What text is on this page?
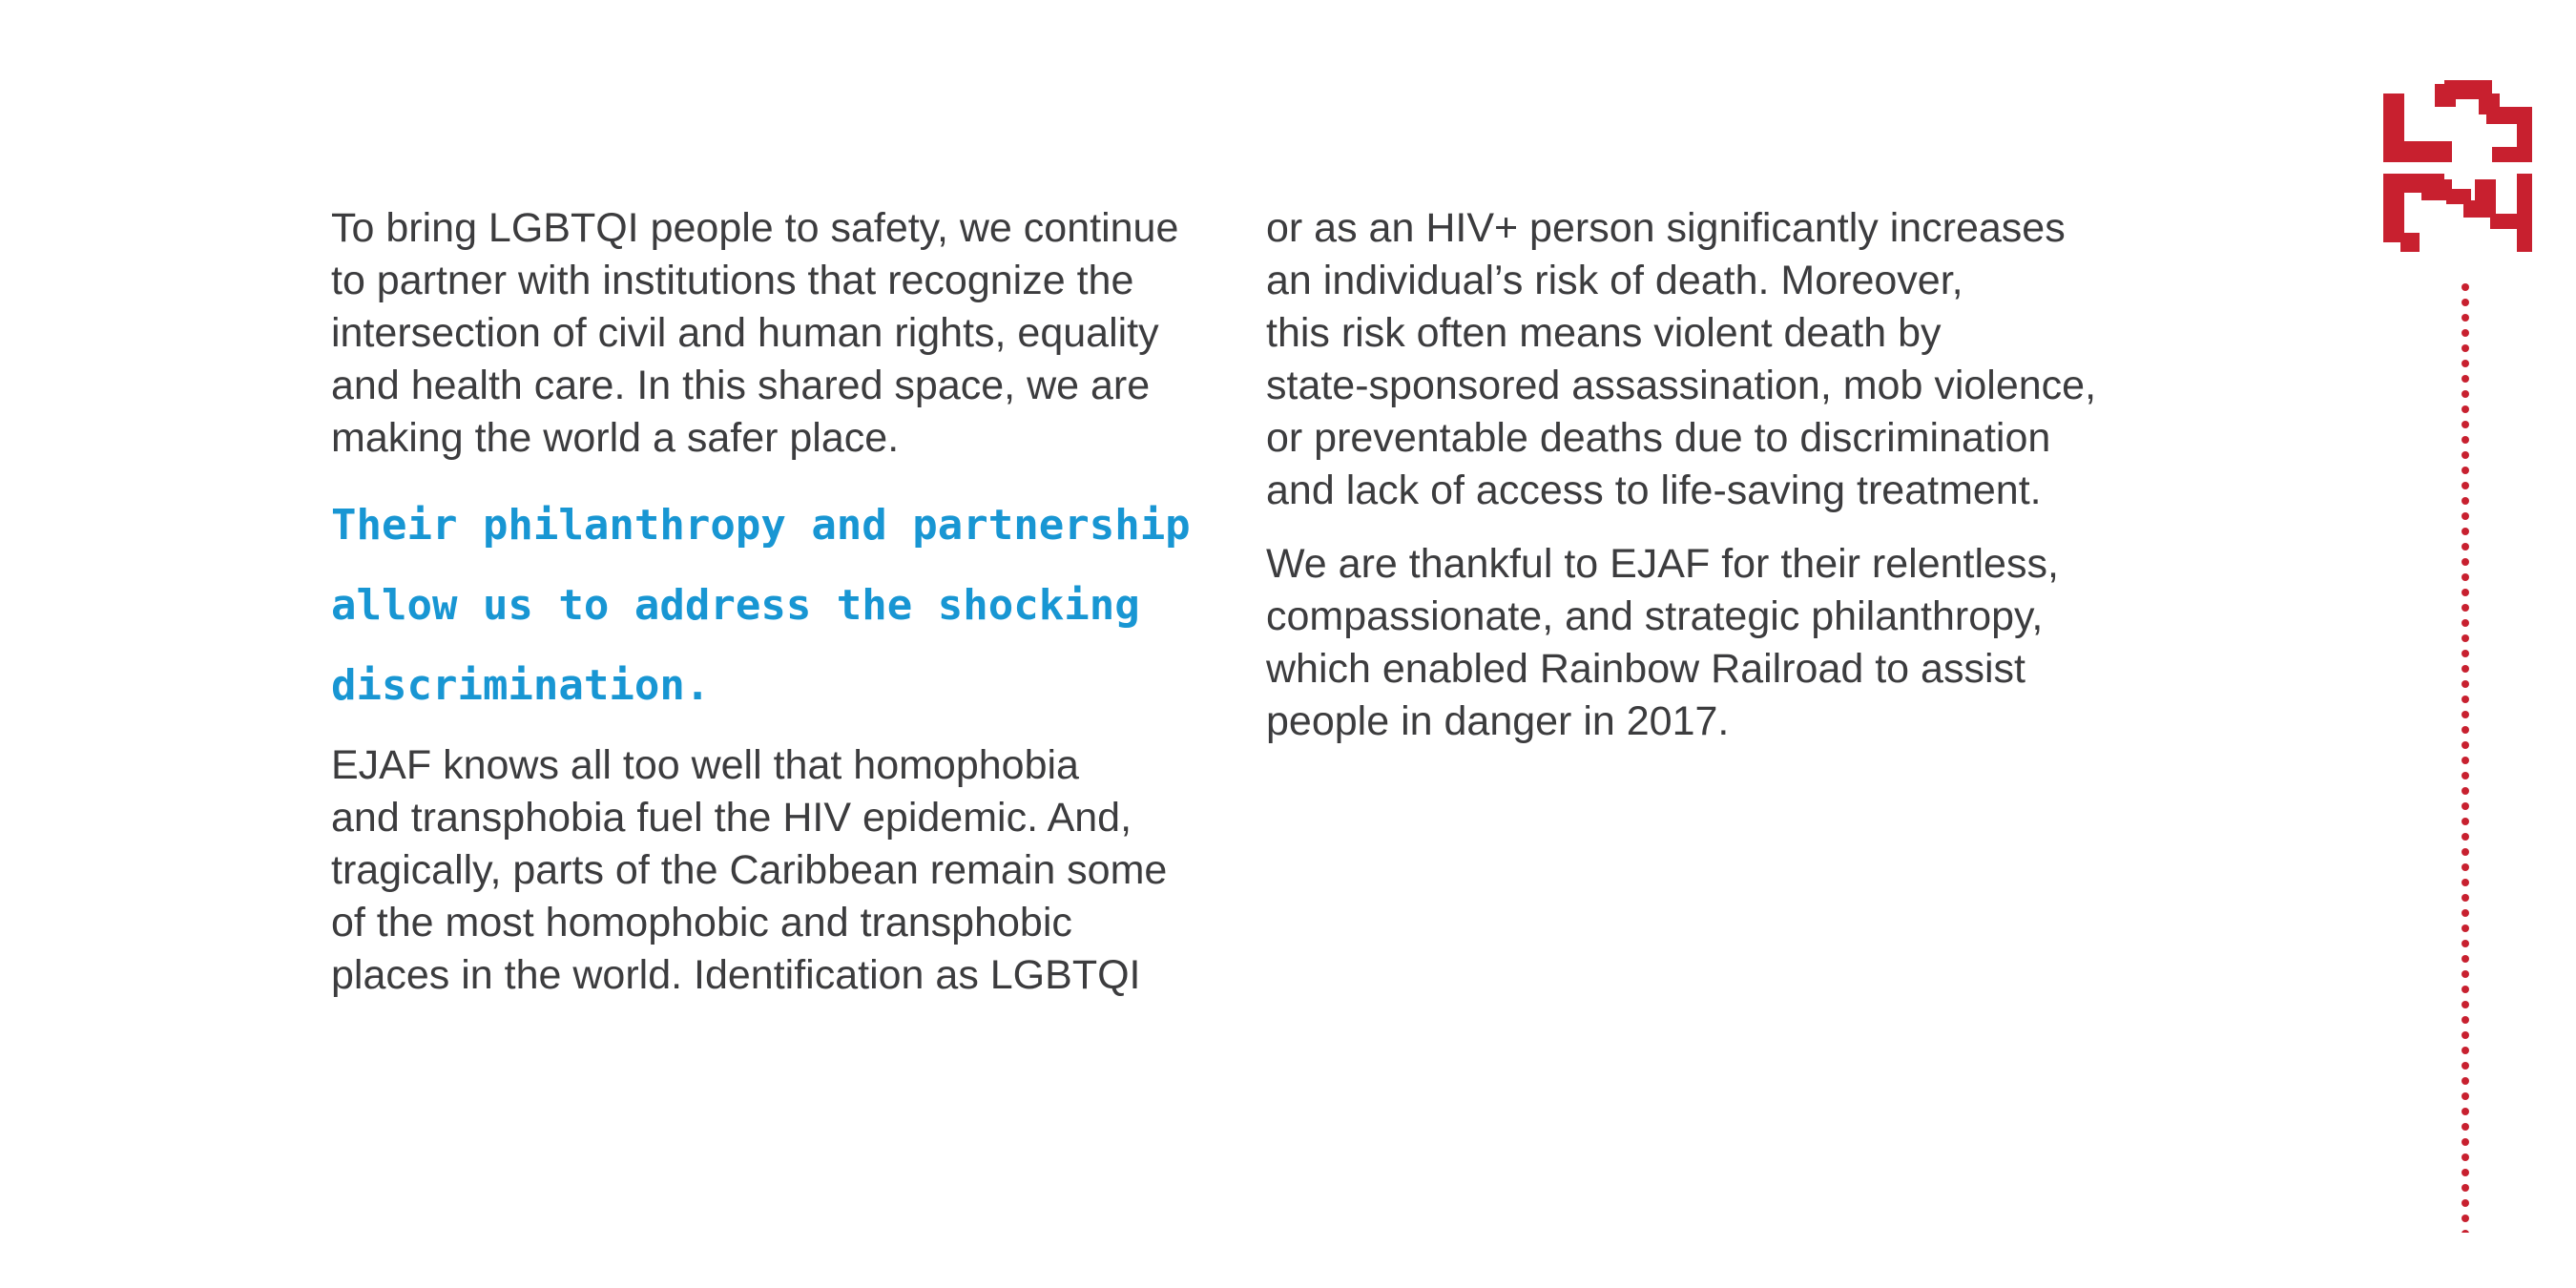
To bring LGBTQI people to safety, we continue
to partner with institutions that recognize the
intersection of civil and human rights, equality
and health care. In this shared space, we are
making the world a safer place.

Their philanthropy and partnership
allow us to address the shocking
discrimination.

EJAF knows all too well that homophobia
and transphobia fuel the HIV epidemic. And,
tragically, parts of the Caribbean remain some
of the most homophobic and transphobic
places in the world. Identification as LGBTQI

or as an HIV+ person significantly increases
an individual’s risk of death. Moreover,
this risk often means violent death by
state-sponsored assassination, mob violence,
or preventable deaths due to discrimination
and lack of access to life-saving treatment.

We are thankful to EJAF for their relentless,
compassionate, and strategic philanthropy,
which enabled Rainbow Railroad to assist
people in danger in 2017.
